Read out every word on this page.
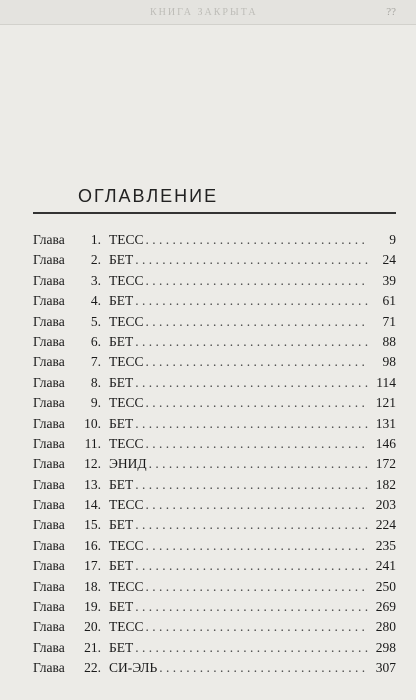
КНИГА ЗАКРЫТА	??
ОГЛАВЛЕНИЕ
Глава	1. ТЕСС . . .	9
Глава	2. БЕТ . . .	24
Глава	3. ТЕСС . . .	39
Глава	4. БЕТ . . .	61
Глава	5. ТЕСС . . .	71
Глава	6. БЕТ . . .	88
Глава	7. ТЕСС . . .	98
Глава	8. БЕТ . . .	114
Глава	9. ТЕСС . . .	121
Глава	10. БЕТ . . .	131
Глава	11. ТЕСС . . .	146
Глава	12. ЭНИД . . .	172
Глава	13. БЕТ . . .	182
Глава	14. ТЕСС . . .	203
Глава	15. БЕТ . . .	224
Глава	16. ТЕСС . . .	235
Глава	17. БЕТ . . .	241
Глава	18. ТЕСС . . .	250
Глава	19. БЕТ . . .	269
Глава	20. ТЕСС . . .	280
Глава	21. БЕТ . . .	298
Глава	22. СИ-ЭЛЬ . . .	307
